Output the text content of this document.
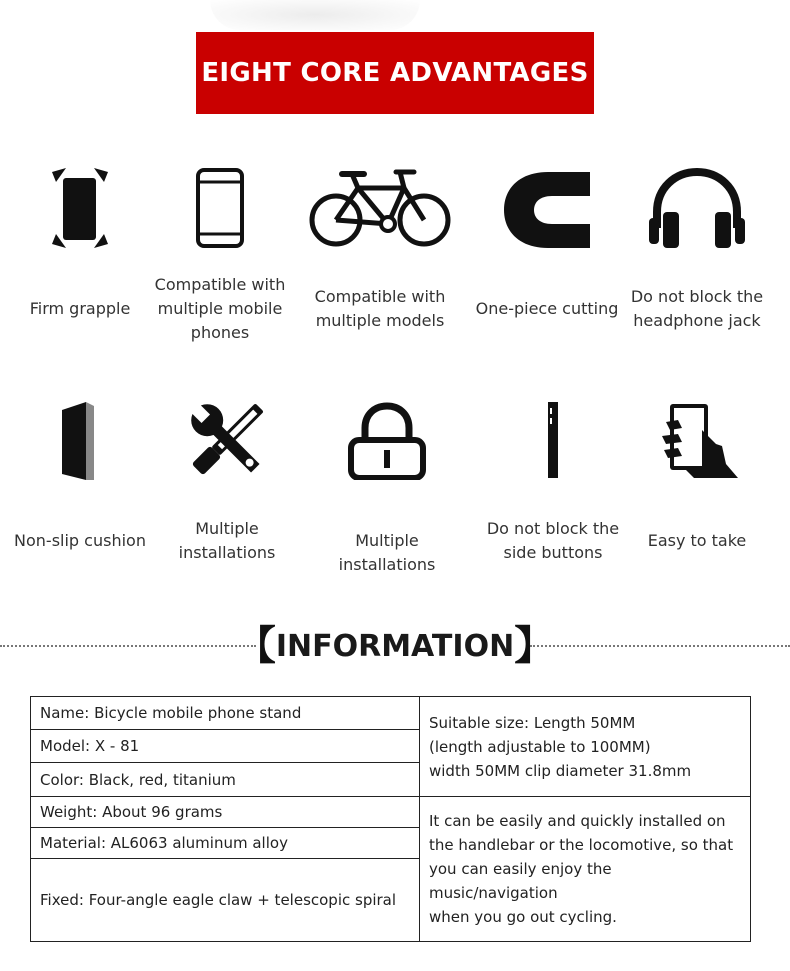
EIGHT CORE ADVANTAGES
Firm grapple
Compatible with multiple mobile phones
Compatible with multiple models
One-piece cutting
Do not block the headphone jack
Non-slip cushion
Multiple installations
Multiple installations
Do not block the side buttons
Easy to take
【 INFORMATION 】
Name: Bicycle mobile phone stand	Suitable size: Length 50MM
(length adjustable to 100MM)
width 50MM clip diameter 31.8mm

Model: X - 81	
Color: Black, red, titanium	
Weight: About 96 grams	It can be easily and quickly installed on
the handlebar or the locomotive, so that
you can easily enjoy the music/navigation
when you go out cycling.

Material: AL6063 aluminum alloy	
Fixed: Four-angle eagle claw + telescopic spiral	
